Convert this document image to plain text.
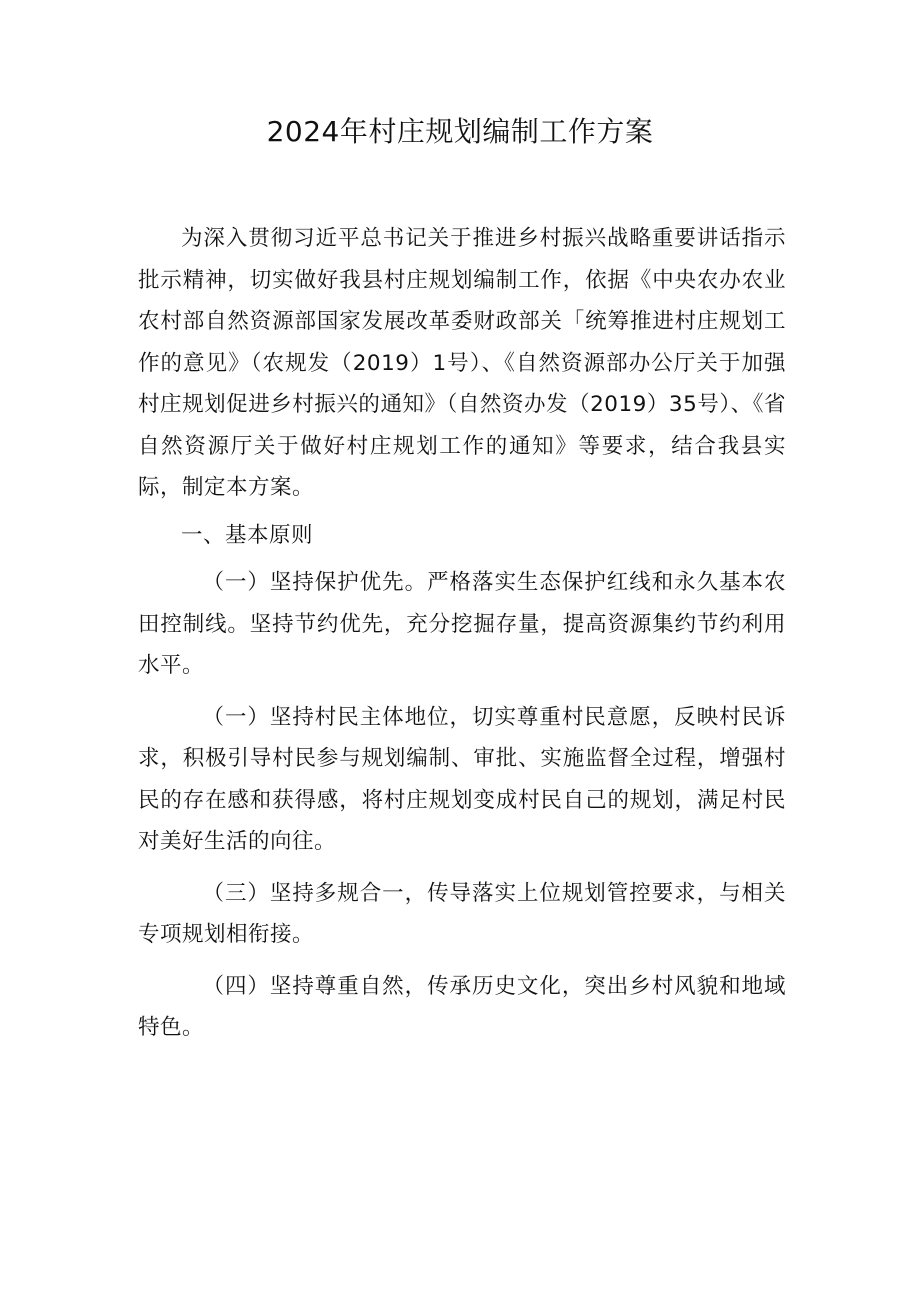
2024年村庄规划编制工作方案

为深入贯彻习近平总书记关于推进乡村振兴战略重要讲话指示批示精神，切实做好我县村庄规划编制工作，依据《中央农办农业农村部自然资源部国家发展改革委财政部关「统筹推进村庄规划工作的意见》（农规发（2019）1号）、《自然资源部办公厅关于加强村庄规划促进乡村振兴的通知》（自然资办发（2019）35号）、《省自然资源厅关于做好村庄规划工作的通知》等要求，结合我县实际，制定本方案。

一、基本原则

（一）坚持保护优先。严格落实生态保护红线和永久基本农田控制线。坚持节约优先，充分挖掘存量，提高资源集约节约利用水平。

（一）坚持村民主体地位，切实尊重村民意愿，反映村民诉求，积极引导村民参与规划编制、审批、实施监督全过程，增强村民的存在感和获得感，将村庄规划变成村民自己的规划，满足村民对美好生活的向往。

（三）坚持多规合一，传导落实上位规划管控要求，与相关专项规划相衔接。

（四）坚持尊重自然，传承历史文化，突出乡村风貌和地域特色。
